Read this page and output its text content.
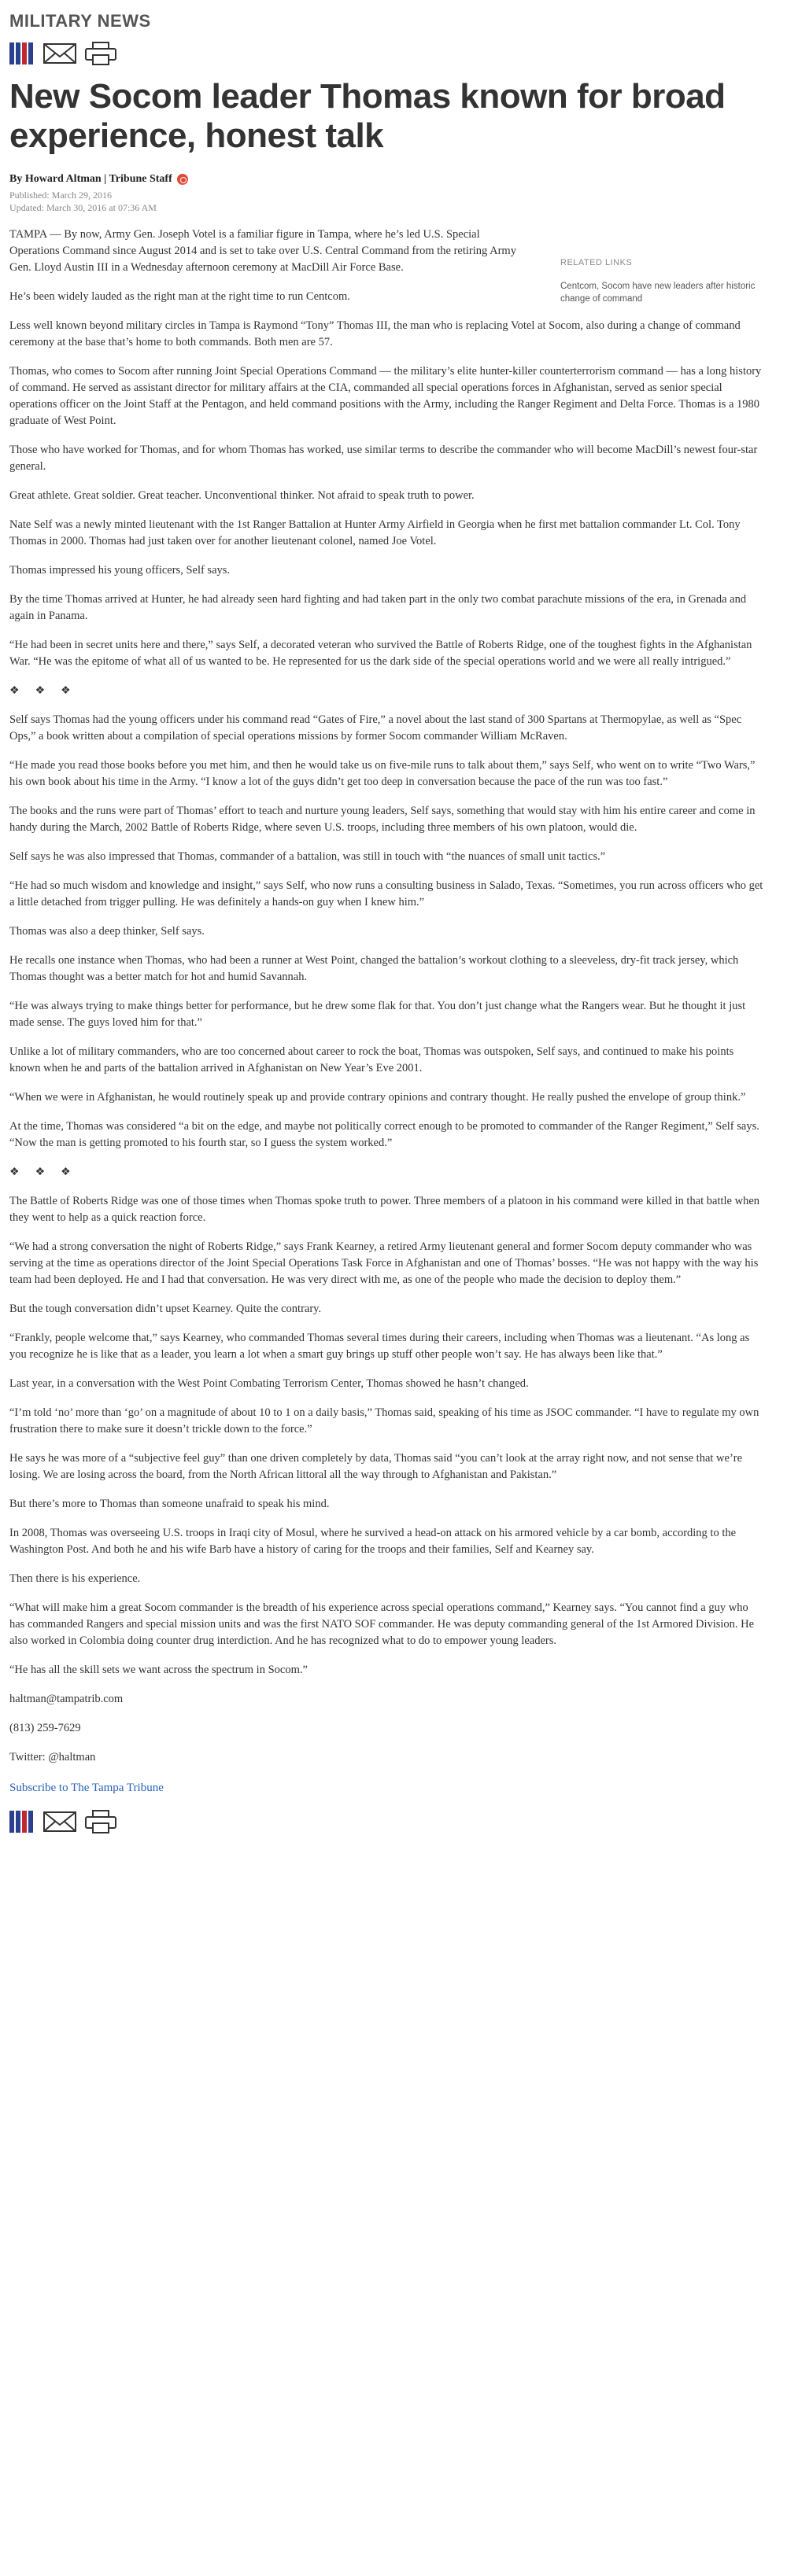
MILITARY NEWS
New Socom leader Thomas known for broad experience, honest talk
By Howard Altman | Tribune Staff
Published: March 29, 2016
Updated: March 30, 2016 at 07:36 AM

TAMPA — By now, Army Gen. Joseph Votel is a familiar figure in Tampa, where he’s led U.S. Special Operations Command since August 2014 and is set to take over U.S. Central Command from the retiring Army Gen. Lloyd Austin III in a Wednesday afternoon ceremony at MacDill Air Force Base.	RELATED LINKS
Centcom, Socom have new leaders after historic change of command

He’s been widely lauded as the right man at the right time to run Centcom.

Less well known beyond military circles in Tampa is Raymond “Tony” Thomas III, the man who is replacing Votel at Socom, also during a change of command ceremony at the base that’s home to both commands. Both men are 57.

Thomas, who comes to Socom after running Joint Special Operations Command — the military’s elite hunter-killer counterterrorism command — has a long history of command. He served as assistant director for military affairs at the CIA, commanded all special operations forces in Afghanistan, served as senior special operations officer on the Joint Staff at the Pentagon, and held command positions with the Army, including the Ranger Regiment and Delta Force. Thomas is a 1980 graduate of West Point.

Those who have worked for Thomas, and for whom Thomas has worked, use similar terms to describe the commander who will become MacDill’s newest four-star general.

Great athlete. Great soldier. Great teacher. Unconventional thinker. Not afraid to speak truth to power.

Nate Self was a newly minted lieutenant with the 1st Ranger Battalion at Hunter Army Airfield in Georgia when he first met battalion commander Lt. Col. Tony Thomas in 2000. Thomas had just taken over for another lieutenant colonel, named Joe Votel.

Thomas impressed his young officers, Self says.

By the time Thomas arrived at Hunter, he had already seen hard fighting and had taken part in the only two combat parachute missions of the era, in Grenada and again in Panama.

“He had been in secret units here and there,” says Self, a decorated veteran who survived the Battle of Roberts Ridge, one of the toughest fights in the Afghanistan War. “He was the epitome of what all of us wanted to be. He represented for us the dark side of the special operations world and we were all really intrigued.”

❖ ❖ ❖

Self says Thomas had the young officers under his command read “Gates of Fire,” a novel about the last stand of 300 Spartans at Thermopylae, as well as “Spec Ops,” a book written about a compilation of special operations missions by former Socom commander William McRaven.

“He made you read those books before you met him, and then he would take us on five-mile runs to talk about them,” says Self, who went on to write “Two Wars,” his own book about his time in the Army. “I know a lot of the guys didn’t get too deep in conversation because the pace of the run was too fast.”

The books and the runs were part of Thomas’ effort to teach and nurture young leaders, Self says, something that would stay with him his entire career and come in handy during the March, 2002 Battle of Roberts Ridge, where seven U.S. troops, including three members of his own platoon, would die.

Self says he was also impressed that Thomas, commander of a battalion, was still in touch with “the nuances of small unit tactics.”

“He had so much wisdom and knowledge and insight,” says Self, who now runs a consulting business in Salado, Texas. “Sometimes, you run across officers who get a little detached from trigger pulling. He was definitely a hands-on guy when I knew him.”

Thomas was also a deep thinker, Self says.

He recalls one instance when Thomas, who had been a runner at West Point, changed the battalion’s workout clothing to a sleeveless, dry-fit track jersey, which Thomas thought was a better match for hot and humid Savannah.

“He was always trying to make things better for performance, but he drew some flak for that. You don’t just change what the Rangers wear. But he thought it just made sense. The guys loved him for that.”

Unlike a lot of military commanders, who are too concerned about career to rock the boat, Thomas was outspoken, Self says, and continued to make his points known when he and parts of the battalion arrived in Afghanistan on New Year’s Eve 2001.

“When we were in Afghanistan, he would routinely speak up and provide contrary opinions and contrary thought. He really pushed the envelope of group think.”

At the time, Thomas was considered “a bit on the edge, and maybe not politically correct enough to be promoted to commander of the Ranger Regiment,” Self says. “Now the man is getting promoted to his fourth star, so I guess the system worked.”

❖ ❖ ❖

The Battle of Roberts Ridge was one of those times when Thomas spoke truth to power. Three members of a platoon in his command were killed in that battle when they went to help as a quick reaction force.

“We had a strong conversation the night of Roberts Ridge,” says Frank Kearney, a retired Army lieutenant general and former Socom deputy commander who was serving at the time as operations director of the Joint Special Operations Task Force in Afghanistan and one of Thomas’ bosses. “He was not happy with the way his team had been deployed. He and I had that conversation. He was very direct with me, as one of the people who made the decision to deploy them.”

But the tough conversation didn’t upset Kearney. Quite the contrary.

“Frankly, people welcome that,” says Kearney, who commanded Thomas several times during their careers, including when Thomas was a lieutenant. “As long as you recognize he is like that as a leader, you learn a lot when a smart guy brings up stuff other people won’t say. He has always been like that.”

Last year, in a conversation with the West Point Combating Terrorism Center, Thomas showed he hasn’t changed.

“I’m told ‘no’ more than ‘go’ on a magnitude of about 10 to 1 on a daily basis,” Thomas said, speaking of his time as JSOC commander. “I have to regulate my own frustration there to make sure it doesn’t trickle down to the force.”

He says he was more of a “subjective feel guy” than one driven completely by data, Thomas said “you can’t look at the array right now, and not sense that we’re losing. We are losing across the board, from the North African littoral all the way through to Afghanistan and Pakistan.”

But there’s more to Thomas than someone unafraid to speak his mind.

In 2008, Thomas was overseeing U.S. troops in Iraqi city of Mosul, where he survived a head-on attack on his armored vehicle by a car bomb, according to the Washington Post. And both he and his wife Barb have a history of caring for the troops and their families, Self and Kearney say.

Then there is his experience.

“What will make him a great Socom commander is the breadth of his experience across special operations command,” Kearney says. “You cannot find a guy who has commanded Rangers and special mission units and was the first NATO SOF commander. He was deputy commanding general of the 1st Armored Division. He also worked in Colombia doing counter drug interdiction. And he has recognized what to do to empower young leaders.

“He has all the skill sets we want across the spectrum in Socom.”

haltman@tampatrib.com

(813) 259-7629

Twitter: @haltman

Subscribe to The Tampa Tribune
